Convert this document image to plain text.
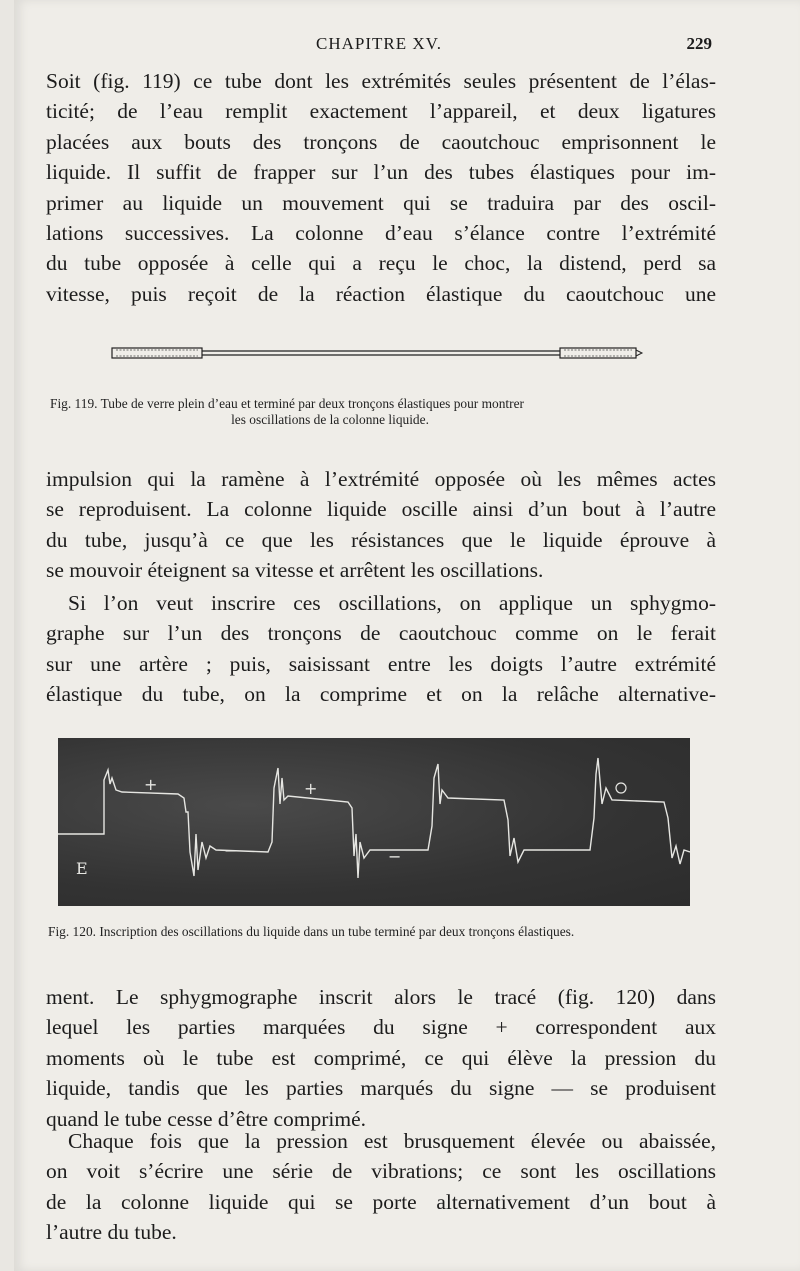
CHAPITRE XV.	229
Soit (fig. 119) ce tube dont les extrémités seules présentent de l’élas-
ticité; de l’eau remplit exactement l’appareil, et deux ligatures
placées aux bouts des tronçons de caoutchouc emprisonnent le
liquide. Il suffit de frapper sur l’un des tubes élastiques pour im-
primer au liquide un mouvement qui se traduira par des oscil-
lations successives. La colonne d’eau s’élance contre l’extrémité
du tube opposée à celle qui a reçu le choc, la distend, perd sa
vitesse, puis reçoit de la réaction élastique du caoutchouc une
Fig. 119. Tube de verre plein d’eau et terminé par deux tronçons élastiques pour montrer
les oscillations de la colonne liquide.
impulsion qui la ramène à l’extrémité opposée où les mêmes actes
se reproduisent. La colonne liquide oscille ainsi d’un bout à l’autre
du tube, jusqu’à ce que les résistances que le liquide éprouve à
se mouvoir éteignent sa vitesse et arrêtent les oscillations.
Si l’on veut inscrire ces oscillations, on applique un sphygmo-
graphe sur l’un des tronçons de caoutchouc comme on le ferait
sur une artère ; puis, saisissant entre les doigts l’autre extrémité
élastique du tube, on la comprime et on la relâche alternative-
+	+
−	−
E
Fig. 120. Inscription des oscillations du liquide dans un tube terminé par deux tronçons élastiques.
ment. Le sphygmographe inscrit alors le tracé (fig. 120) dans
lequel les parties marquées du signe + correspondent aux
moments où le tube est comprimé, ce qui élève la pression du
liquide, tandis que les parties marqués du signe — se produisent
quand le tube cesse d’être comprimé.
Chaque fois que la pression est brusquement élevée ou abaissée,
on voit s’écrire une série de vibrations; ce sont les oscillations
de la colonne liquide qui se porte alternativement d’un bout à
l’autre du tube.
